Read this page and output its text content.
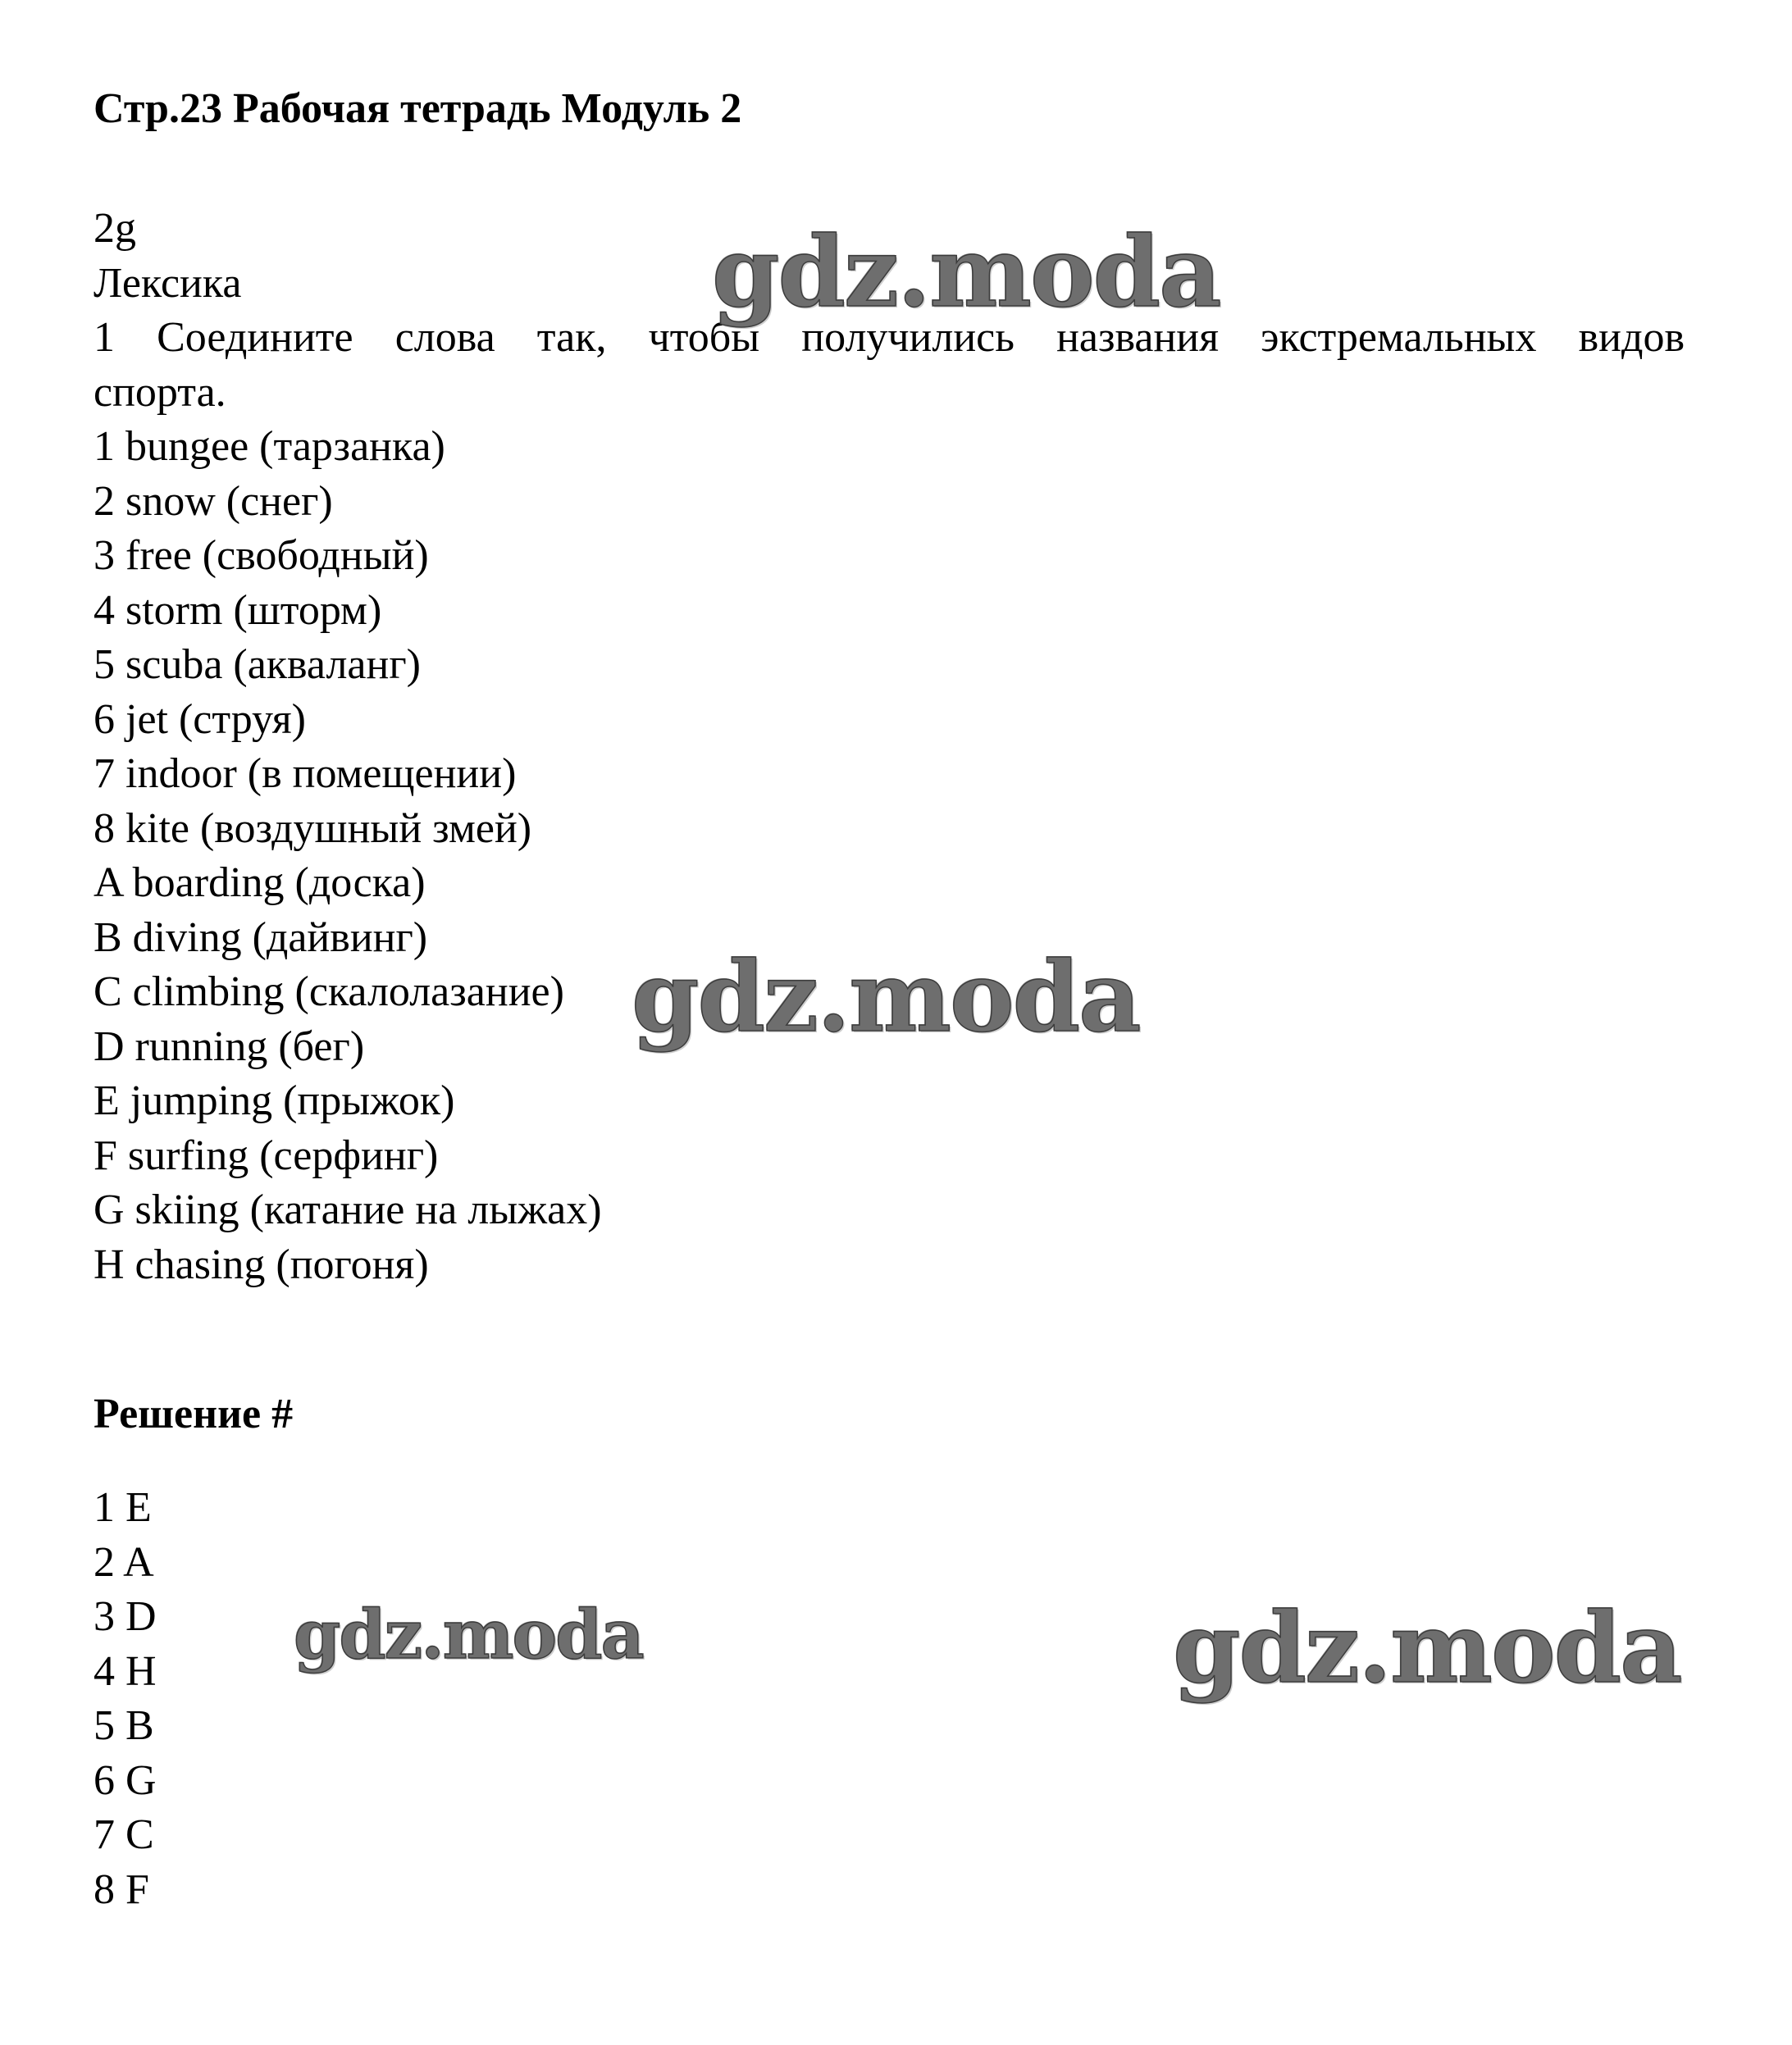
Стр.23 Рабочая тетрадь Модуль 2
2g
Лексика
1 Соедините слова так, чтобы получились названия экстремальных видов
спорта.
1 bungee (тарзанка)
2 snow (снег)
3 free (свободный)
4 storm (шторм)
5 scuba (акваланг)
6 jet (струя)
7 indoor (в помещении)
8 kite (воздушный змей)
A boarding (доска)
B diving (дайвинг)
C climbing (скалолазание)
D running (бег)
E jumping (прыжок)
F surfing (серфинг)
G skiing (катание на лыжах)
H chasing (погоня)
Решение #
1 E
2 A
3 D
4 H
5 B
6 G
7 C
8 F
gdz.moda
gdz.moda
gdz.moda	gdz.moda
